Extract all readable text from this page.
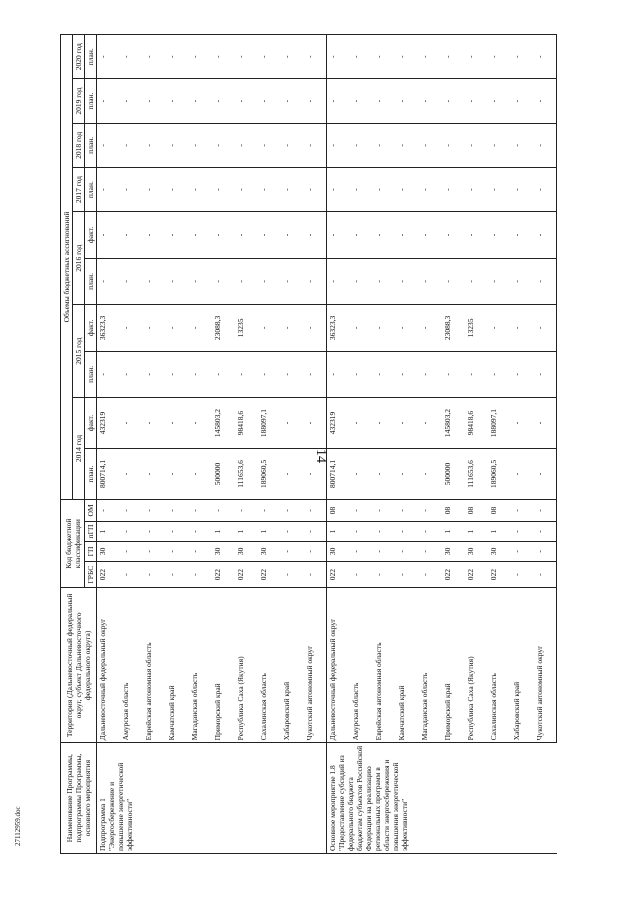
14
27112959.doc	Наименование Программы, подпрограммы Программы, основного мероприятия	Территория (Дальневосточный федеральный округ, субъект Дальневосточного федерального округа)	Код бюджетной классификации				Объемы бюджетных ассигнований									
						2014 год		2015 год		2016 год		2017 год	2018 год	2019 год	2020 год
		ГРБС	ГП	пГП	ОМ	план.	факт.	план.	факт.	план.	факт.	план.	план.	план.	план.
Подпрограмма 1 "Энергосбережение и повышение энергетической эффективности"	Дальневосточный федеральный округ	022	30	1	-	800714,1	432319	-	36323,3	-	-	-	-	-	-
	Амурская область	-	-	-	-	-	-	-	-	-	-	-	-	-	-
	Еврейская автономная область	-	-	-	-	-	-	-	-	-	-	-	-	-	-
	Камчатский край	-	-	-	-	-	-	-	-	-	-	-	-	-	-
	Магаданская область	-	-	-	-	-	-	-	-	-	-	-	-	-	-
	Приморский край	022	30	1	-	500000	145803,2	-	23088,3	-	-	-	-	-	-
	Республика Саха (Якутия)	022	30	1	-	111653,6	98418,6	-	13235	-	-	-	-	-	-
	Сахалинская область	022	30	1	-	189060,5	188097,1	-	-	-	-	-	-	-	-
	Хабаровский край	-	-	-	-	-	-	-	-	-	-	-	-	-	-
	Чукотский автономный округ	-	-	-	-	-	-	-	-	-	-	-	-	-	-
Основное мероприятие 1.8 "Предоставление субсидий из федерального бюджета бюджетам субъектов Российской Федерации на реализацию региональных программ в области энергосбережения и повышения энергетической эффективности"	Дальневосточный федеральный округ	022	30	1	08	800714,1	432319	-	36323,3	-	-	-	-	-	-
	Амурская область	-	-	-	-	-	-	-	-	-	-	-	-	-	-
	Еврейская автономная область	-	-	-	-	-	-	-	-	-	-	-	-	-	-
	Камчатский край	-	-	-	-	-	-	-	-	-	-	-	-	-	-
	Магаданская область	-	-	-	-	-	-	-	-	-	-	-	-	-	-
	Приморский край	022	30	1	08	500000	145803,2	-	23088,3	-	-	-	-	-	-
	Республика Саха (Якутия)	022	30	1	08	111653,6	98418,6	-	13235	-	-	-	-	-	-
	Сахалинская область	022	30	1	08	189060,5	188097,1	-	-	-	-	-	-	-	-
	Хабаровский край	-	-	-	-	-	-	-	-	-	-	-	-	-	-
	Чукотский автономный округ	-	-	-	-	-	-	-	-	-	-	-	-	-	-
